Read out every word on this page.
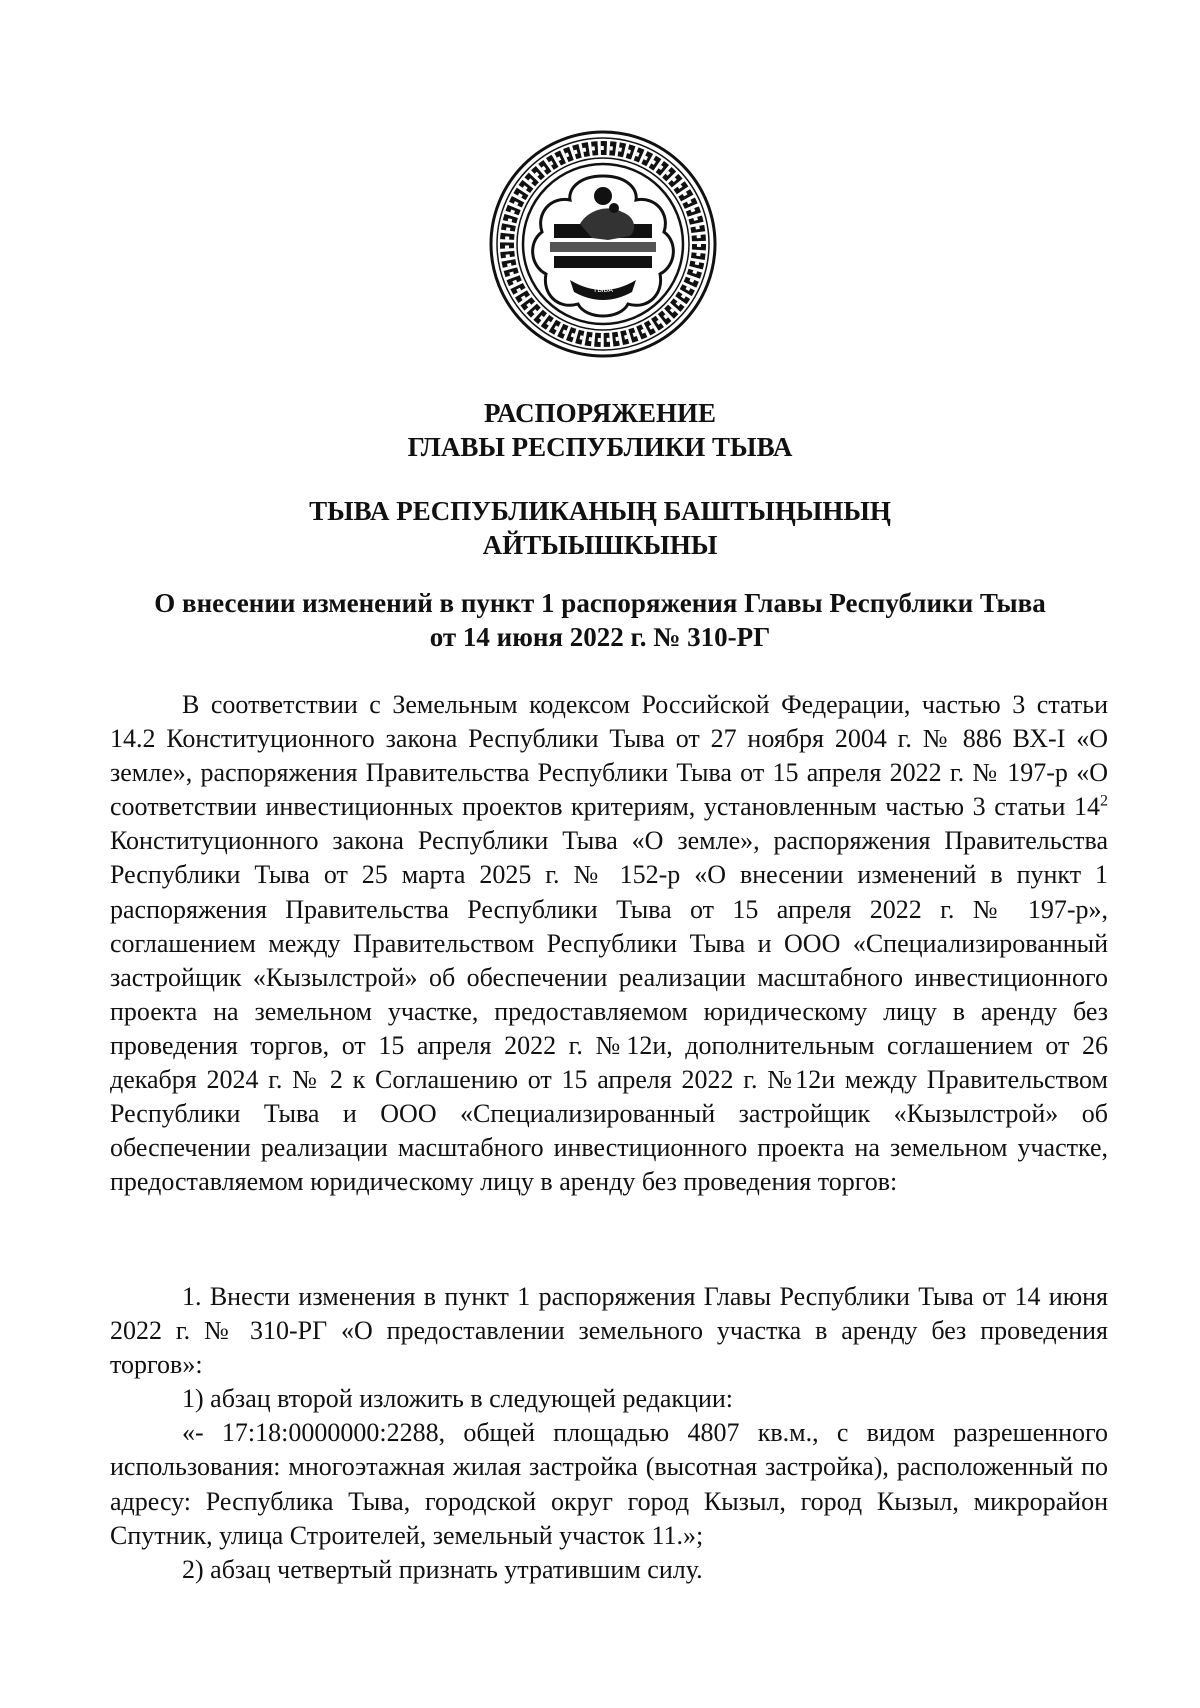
ТЫВА
РАСПОРЯЖЕНИЕ
ГЛАВЫ РЕСПУБЛИКИ ТЫВА
ТЫВА РЕСПУБЛИКАНЫҢ БАШТЫҢЫНЫҢ
АЙТЫЫШКЫНЫ
О внесении изменений в пункт 1 распоряжения Главы Республики Тыва
от 14 июня 2022 г. № 310-РГ
В соответствии с Земельным кодексом Российской Федерации, частью 3 статьи 14.2 Конституционного закона Республики Тыва от 27 ноября 2004 г. № 886 ВХ-I «О земле», распоряжения Правительства Республики Тыва от 15 апреля 2022 г. № 197-р «О соответствии инвестиционных проектов критериям, установленным частью 3 статьи $14^2$ Конституционного закона Республики Тыва «О земле», распоряжения Правительства Республики Тыва от 25 марта 2025 г. № 152-р «О внесении изменений в пункт 1 распоряжения Правительства Республики Тыва от 15 апреля 2022 г. № 197-р», соглашением между Правительством Республики Тыва и ООО «Специализированный застройщик «Кызылстрой» об обеспечении реализации масштабного инвестиционного проекта на земельном участке, предоставляемом юридическому лицу в аренду без проведения торгов, от 15 апреля 2022 г. №12и, дополнительным соглашением от 26 декабря 2024 г. № 2 к Соглашению от 15 апреля 2022 г. №12и между Правительством Республики Тыва и ООО «Специализированный застройщик «Кызылстрой» об обеспечении реализации масштабного инвестиционного проекта на земельном участке, предоставляемом юридическому лицу в аренду без проведения торгов:

1. Внести изменения в пункт 1 распоряжения Главы Республики Тыва от 14 июня 2022 г. № 310-РГ «О предоставлении земельного участка в аренду без проведения торгов»:

1) абзац второй изложить в следующей редакции:

«- 17:18:0000000:2288, общей площадью 4807 кв.м., с видом разрешенного использования: многоэтажная жилая застройка (высотная застройка), расположенный по адресу: Республика Тыва, городской округ город Кызыл, город Кызыл, микрорайон Спутник, улица Строителей, земельный участок 11.»;

2) абзац четвертый признать утратившим силу.
